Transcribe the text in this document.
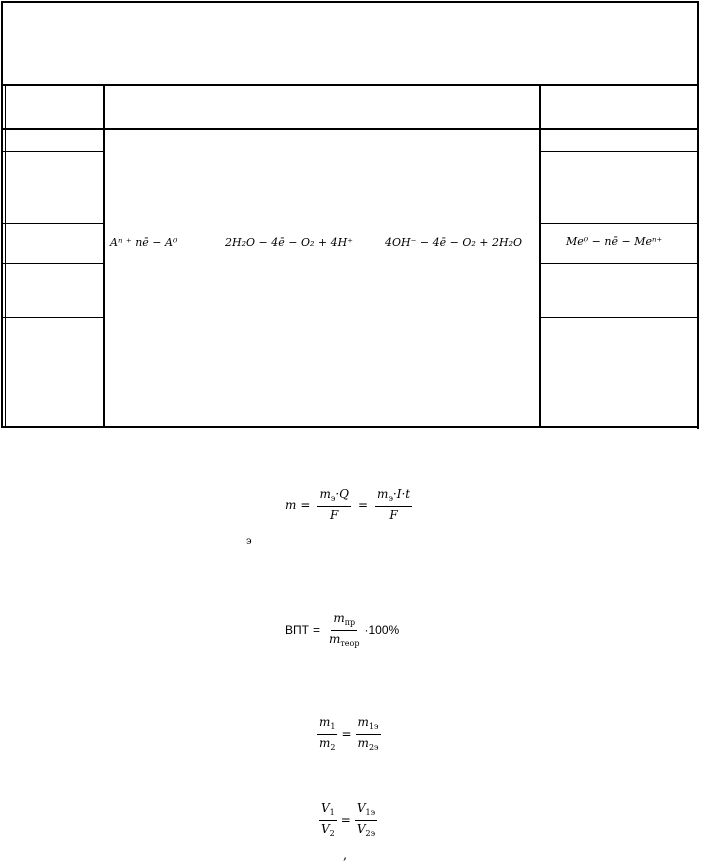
Aⁿ ⁺ nē − A⁰	2H₂O − 4ē − O₂ + 4H⁺	4OH⁻ − 4ē − O₂ + 2H₂O	Me⁰ − nē − Meⁿ⁺
$m = \frac{m_э\cdot Q}{F} = \frac{m_э\cdot I\cdot t}{F}$
э
ВПТ = $\frac{m_{пр}}{m_{теор}} \cdot 100\%$
$\frac{m_1}{m_2} = \frac{m_{1э}}{m_{2э}}$
$\frac{V_1}{V_2} = \frac{V_{1э}}{V_{2э}}$
,
